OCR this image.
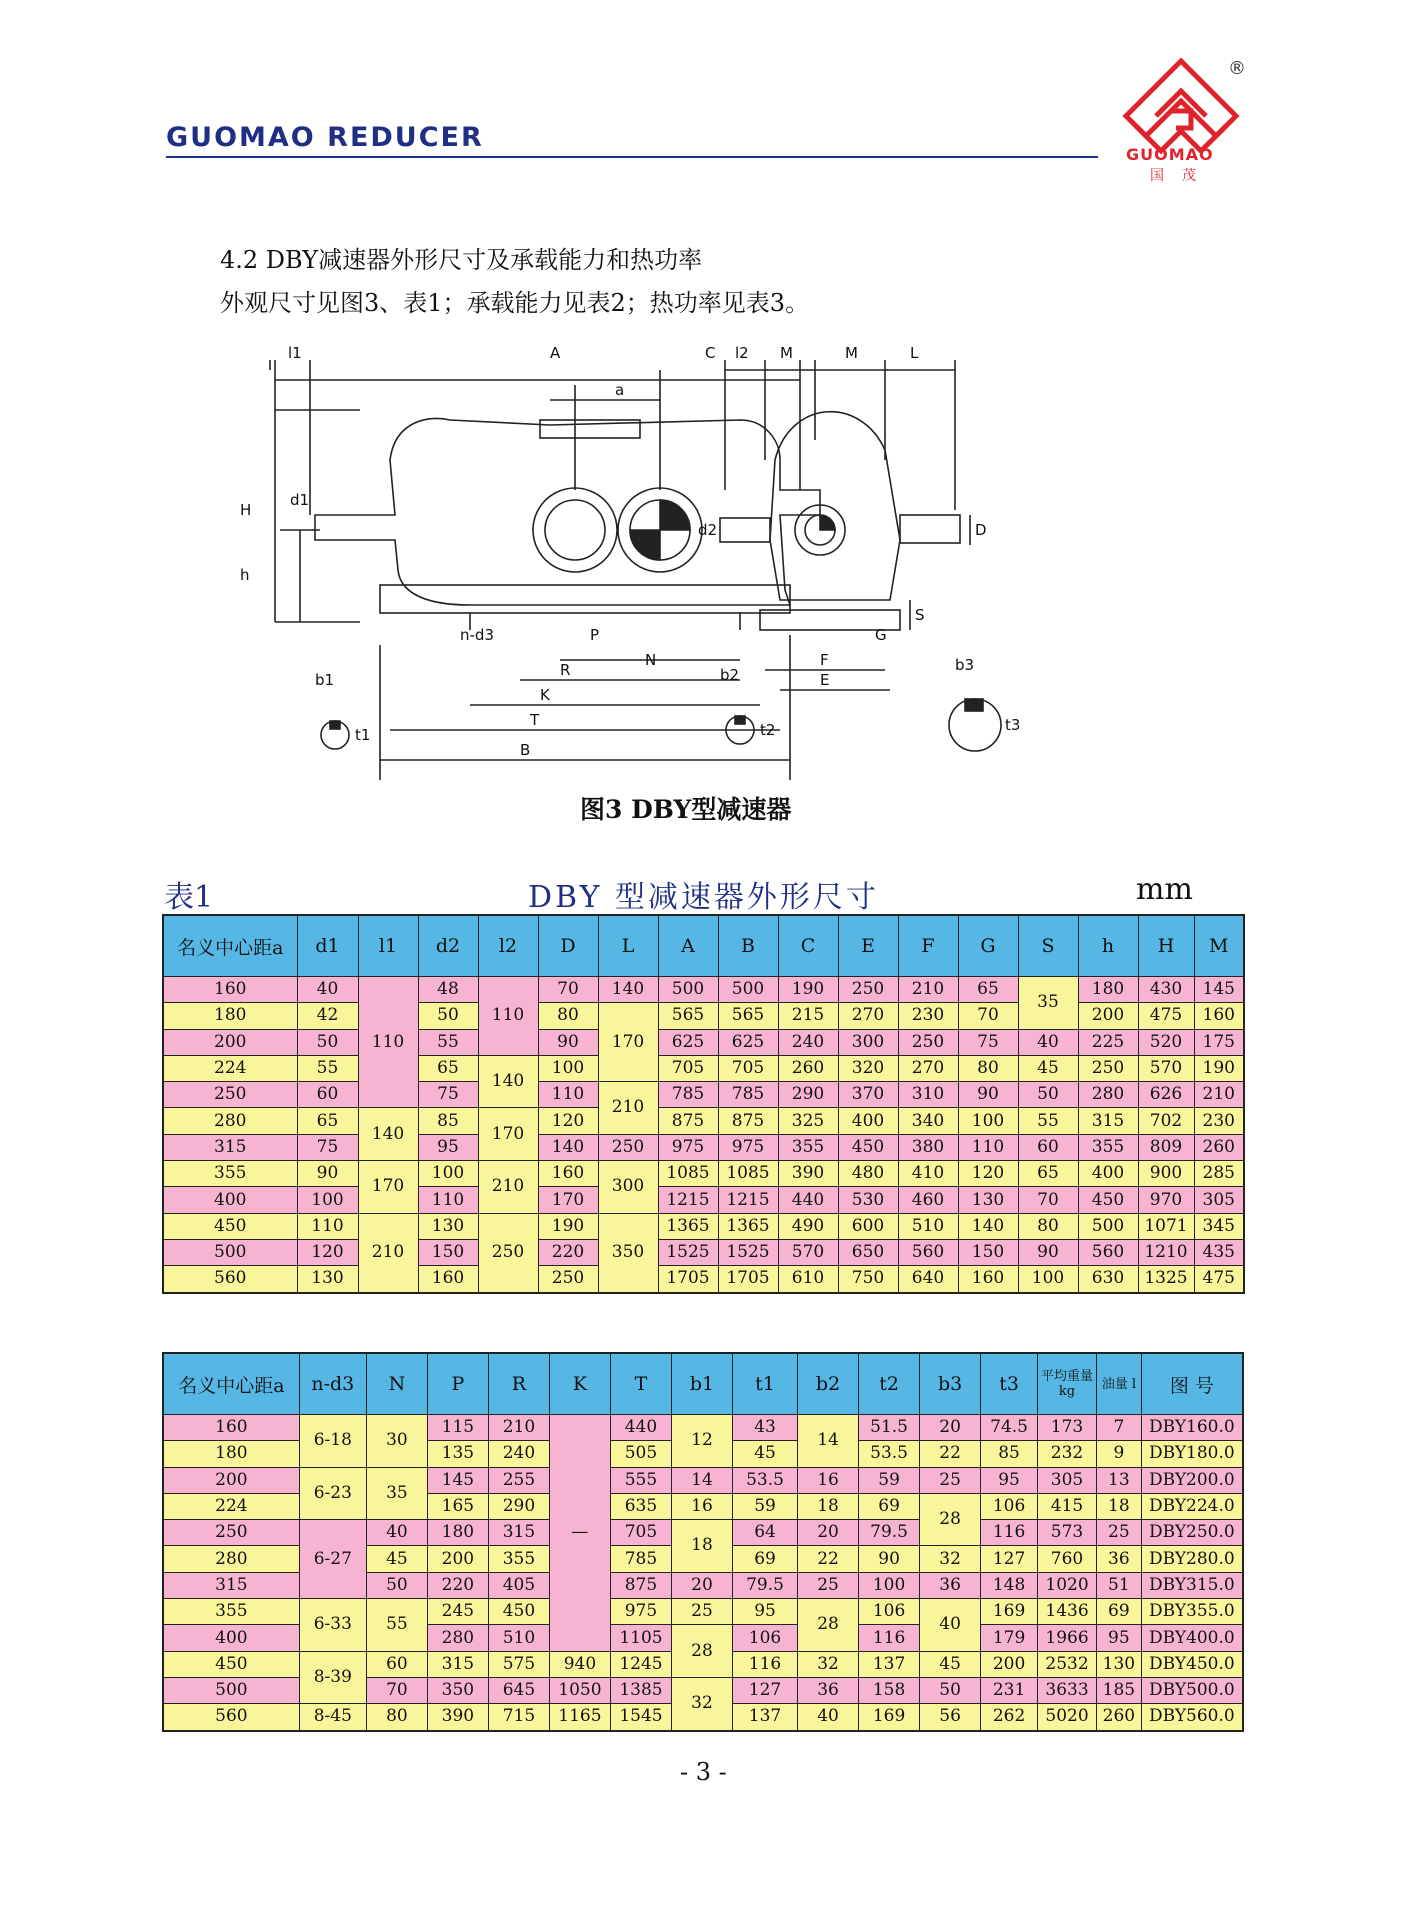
GUOMAO REDUCER
®
GUOMAO
国茂
4.2 DBY减速器外形尺寸及承载能力和热功率
外观尺寸见图3、表1；承载能力见表2；热功率见表3。
l1	A	C
a
H
h
d1
n-d3	P
R
K
T
B
N
b1
t1
l2 M	M	L
d2	D
S
G
F
E
b2
t2
b3
t3
图3 DBY型减速器
表1	DBY 型减速器外形尺寸	mm
名义中心距a	d1	l1	d2	l2	D	L	A	B	C	E	F	G	S	h	H	M
160	40	110	48	110	70	140	500	500	190	250	210	65	35	180	430	145
180	42		50		80	170	565	565	215	270	230	70		200	475	160
200	50		55		90		625	625	240	300	250	75	40	225	520	175
224	55		65	140	100		705	705	260	320	270	80	45	250	570	190
250	60		75		110	210	785	785	290	370	310	90	50	280	626	210
280	65	140	85	170	120		875	875	325	400	340	100	55	315	702	230
315	75		95		140	250	975	975	355	450	380	110	60	355	809	260
355	90	170	100	210	160	300	1085	1085	390	480	410	120	65	400	900	285
400	100		110		170		1215	1215	440	530	460	130	70	450	970	305
450	110	210	130	250	190	350	1365	1365	490	600	510	140	80	500	1071	345
500	120		150		220		1525	1525	570	650	560	150	90	560	1210	435
560	130		160		250		1705	1705	610	750	640	160	100	630	1325	475
名义中心距a	n-d3	N	P	R	K	T	b1	t1	b2	t2	b3	t3	平均重量 kg	油量 l	图 号
160	6-18	30	115	210	—	440	12	43	14	51.5	20	74.5	173	7	DBY160.0
180			135	240		505		45		53.5	22	85	232	9	DBY180.0
200	6-23	35	145	255		555	14	53.5	16	59	25	95	305	13	DBY200.0
224			165	290		635	16	59	18	69	28	106	415	18	DBY224.0
250	6-27	40	180	315		705	18	64	20	79.5		116	573	25	DBY250.0
280		45	200	355		785		69	22	90	32	127	760	36	DBY280.0
315		50	220	405		875	20	79.5	25	100	36	148	1020	51	DBY315.0
355	6-33	55	245	450		975	25	95	28	106	40	169	1436	69	DBY355.0
400			280	510		1105	28	106		116		179	1966	95	DBY400.0
450	8-39	60	315	575	940	1245		116	32	137	45	200	2532	130	DBY450.0
500		70	350	645	1050	1385	32	127	36	158	50	231	3633	185	DBY500.0
560	8-45	80	390	715	1165	1545		137	40	169	56	262	5020	260	DBY560.0
- 3 -
